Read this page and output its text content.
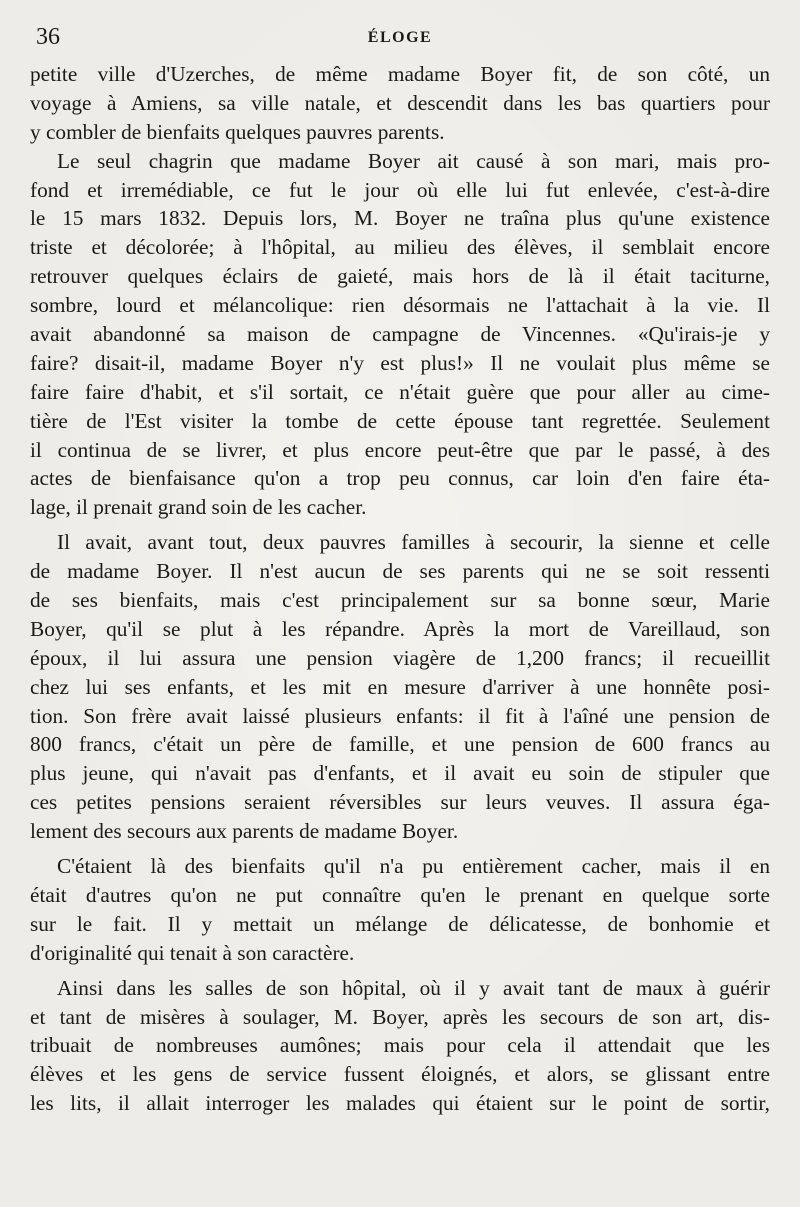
36	ÉLOGE
petite ville d'Uzerches, de même madame Boyer fit, de son côté, un
voyage à Amiens, sa ville natale, et descendit dans les bas quartiers pour
y combler de bienfaits quelques pauvres parents.
Le seul chagrin que madame Boyer ait causé à son mari, mais pro-
fond et irremédiable, ce fut le jour où elle lui fut enlevée, c'est-à-dire
le 15 mars 1832. Depuis lors, M. Boyer ne traîna plus qu'une existence
triste et décolorée; à l'hôpital, au milieu des élèves, il semblait encore
retrouver quelques éclairs de gaieté, mais hors de là il était taciturne,
sombre, lourd et mélancolique: rien désormais ne l'attachait à la vie. Il
avait abandonné sa maison de campagne de Vincennes. «Qu'irais-je y
faire? disait-il, madame Boyer n'y est plus!» Il ne voulait plus même se
faire faire d'habit, et s'il sortait, ce n'était guère que pour aller au cime-
tière de l'Est visiter la tombe de cette épouse tant regrettée. Seulement
il continua de se livrer, et plus encore peut-être que par le passé, à des
actes de bienfaisance qu'on a trop peu connus, car loin d'en faire éta-
lage, il prenait grand soin de les cacher.
Il avait, avant tout, deux pauvres familles à secourir, la sienne et celle
de madame Boyer. Il n'est aucun de ses parents qui ne se soit ressenti
de ses bienfaits, mais c'est principalement sur sa bonne sœur, Marie
Boyer, qu'il se plut à les répandre. Après la mort de Vareillaud, son
époux, il lui assura une pension viagère de 1,200 francs; il recueillit
chez lui ses enfants, et les mit en mesure d'arriver à une honnête posi-
tion. Son frère avait laissé plusieurs enfants: il fit à l'aîné une pension de
800 francs, c'était un père de famille, et une pension de 600 francs au
plus jeune, qui n'avait pas d'enfants, et il avait eu soin de stipuler que
ces petites pensions seraient réversibles sur leurs veuves. Il assura éga-
lement des secours aux parents de madame Boyer.
C'étaient là des bienfaits qu'il n'a pu entièrement cacher, mais il en
était d'autres qu'on ne put connaître qu'en le prenant en quelque sorte
sur le fait. Il y mettait un mélange de délicatesse, de bonhomie et
d'originalité qui tenait à son caractère.
Ainsi dans les salles de son hôpital, où il y avait tant de maux à guérir
et tant de misères à soulager, M. Boyer, après les secours de son art, dis-
tribuait de nombreuses aumônes; mais pour cela il attendait que les
élèves et les gens de service fussent éloignés, et alors, se glissant entre
les lits, il allait interroger les malades qui étaient sur le point de sortir,
